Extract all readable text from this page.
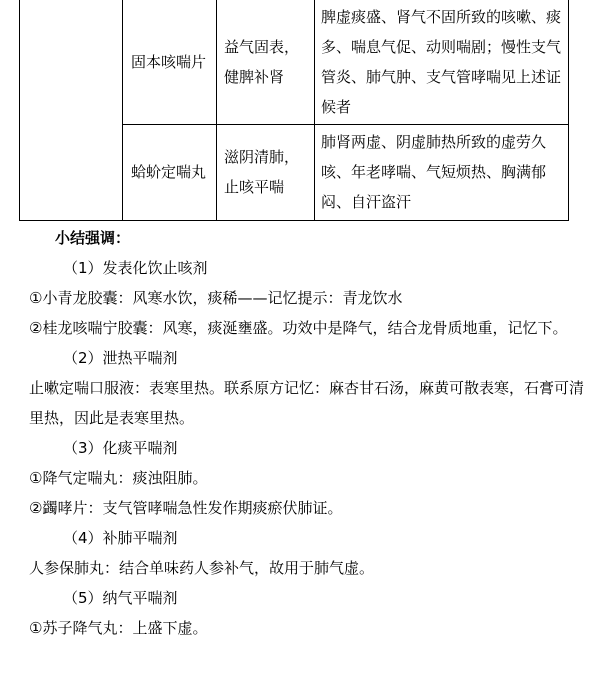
	固本咳喘片	益气固表，健脾补肾	脾虚痰盛、肾气不固所致的咳嗽、痰多、喘息气促、动则喘剧；慢性支气管炎、肺气肿、支气管哮喘见上述证候者
	蛤蚧定喘丸	滋阴清肺，止咳平喘	肺肾两虚、阴虚肺热所致的虚劳久咳、年老哮喘、气短烦热、胸满郁闷、自汗盗汗

小结强调：

（1）发表化饮止咳剂

①小青龙胶囊：风寒水饮，痰稀——记忆提示：青龙饮水

②桂龙咳喘宁胶囊：风寒，痰涎壅盛。功效中是降气，结合龙骨质地重，记忆下。

（2）泄热平喘剂

止嗽定喘口服液：表寒里热。联系原方记忆：麻杏甘石汤，麻黄可散表寒，石膏可清里热，因此是表寒里热。

（3）化痰平喘剂

①降气定喘丸：痰浊阻肺。

②蠲哮片：支气管哮喘急性发作期痰瘀伏肺证。

（4）补肺平喘剂

人参保肺丸：结合单味药人参补气，故用于肺气虚。

（5）纳气平喘剂

①苏子降气丸：上盛下虚。
